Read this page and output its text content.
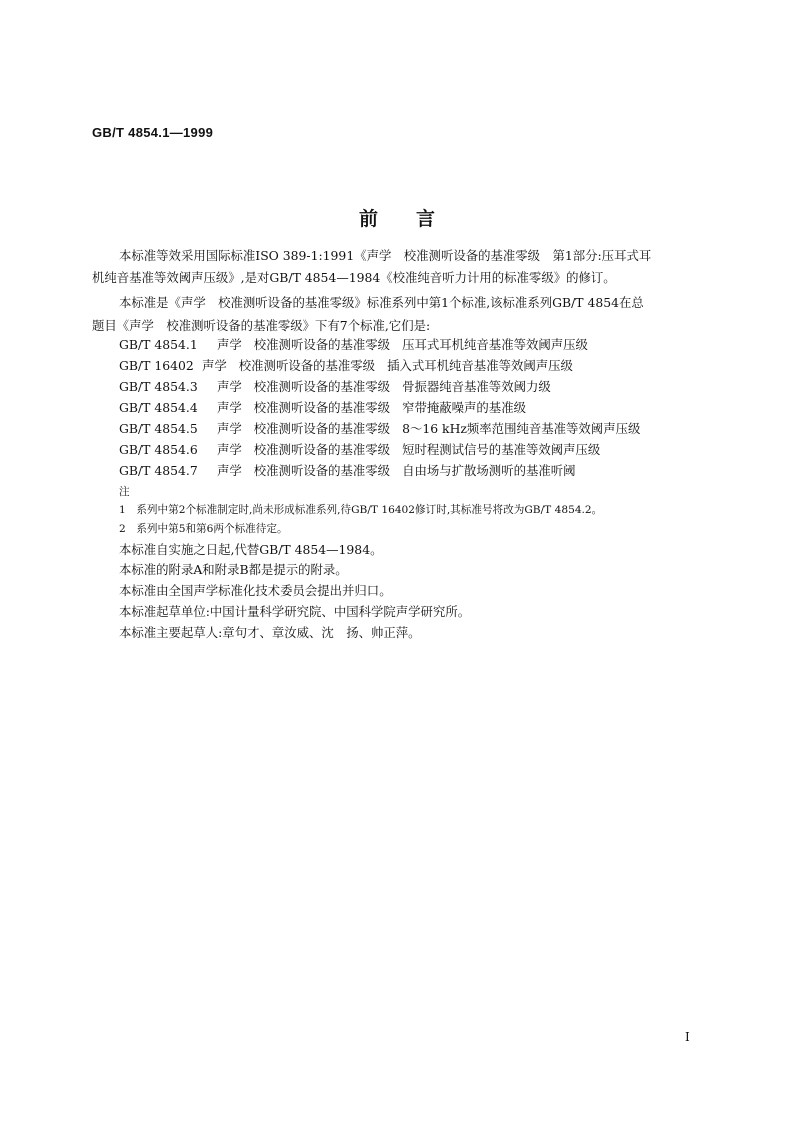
GB/T 4854.1—1999
前言
本标准等效采用国际标准ISO 389-1:1991《声学　校准测听设备的基准零级　第1部分:压耳式耳
机纯音基准等效阈声压级》,是对GB/T 4854—1984《校准纯音听力计用的标准零级》的修订。
本标准是《声学　校准测听设备的基准零级》标准系列中第1个标准,该标准系列GB/T 4854在总
题目《声学　校准测听设备的基准零级》下有7个标准,它们是:
GB/T 4854.1 声学 校准测听设备的基准零级 压耳式耳机纯音基准等效阈声压级
GB/T 16402 声学 校准测听设备的基准零级 插入式耳机纯音基准等效阈声压级
GB/T 4854.3 声学 校准测听设备的基准零级 骨振器纯音基准等效阈力级
GB/T 4854.4 声学 校准测听设备的基准零级 窄带掩蔽噪声的基准级
GB/T 4854.5 声学 校准测听设备的基准零级 8～16 kHz频率范围纯音基准等效阈声压级
GB/T 4854.6 声学 校准测听设备的基准零级 短时程测试信号的基准等效阈声压级
GB/T 4854.7 声学 校准测听设备的基准零级 自由场与扩散场测听的基准听阈
注
1　系列中第2个标准制定时,尚未形成标准系列,待GB/T 16402修订时,其标准号将改为GB/T 4854.2。
2　系列中第5和第6两个标准待定。
本标准自实施之日起,代替GB/T 4854—1984。
本标准的附录A和附录B都是提示的附录。
本标准由全国声学标准化技术委员会提出并归口。
本标准起草单位:中国计量科学研究院、中国科学院声学研究所。
本标准主要起草人:章句才、章汝威、沈　扬、帅正萍。
I
